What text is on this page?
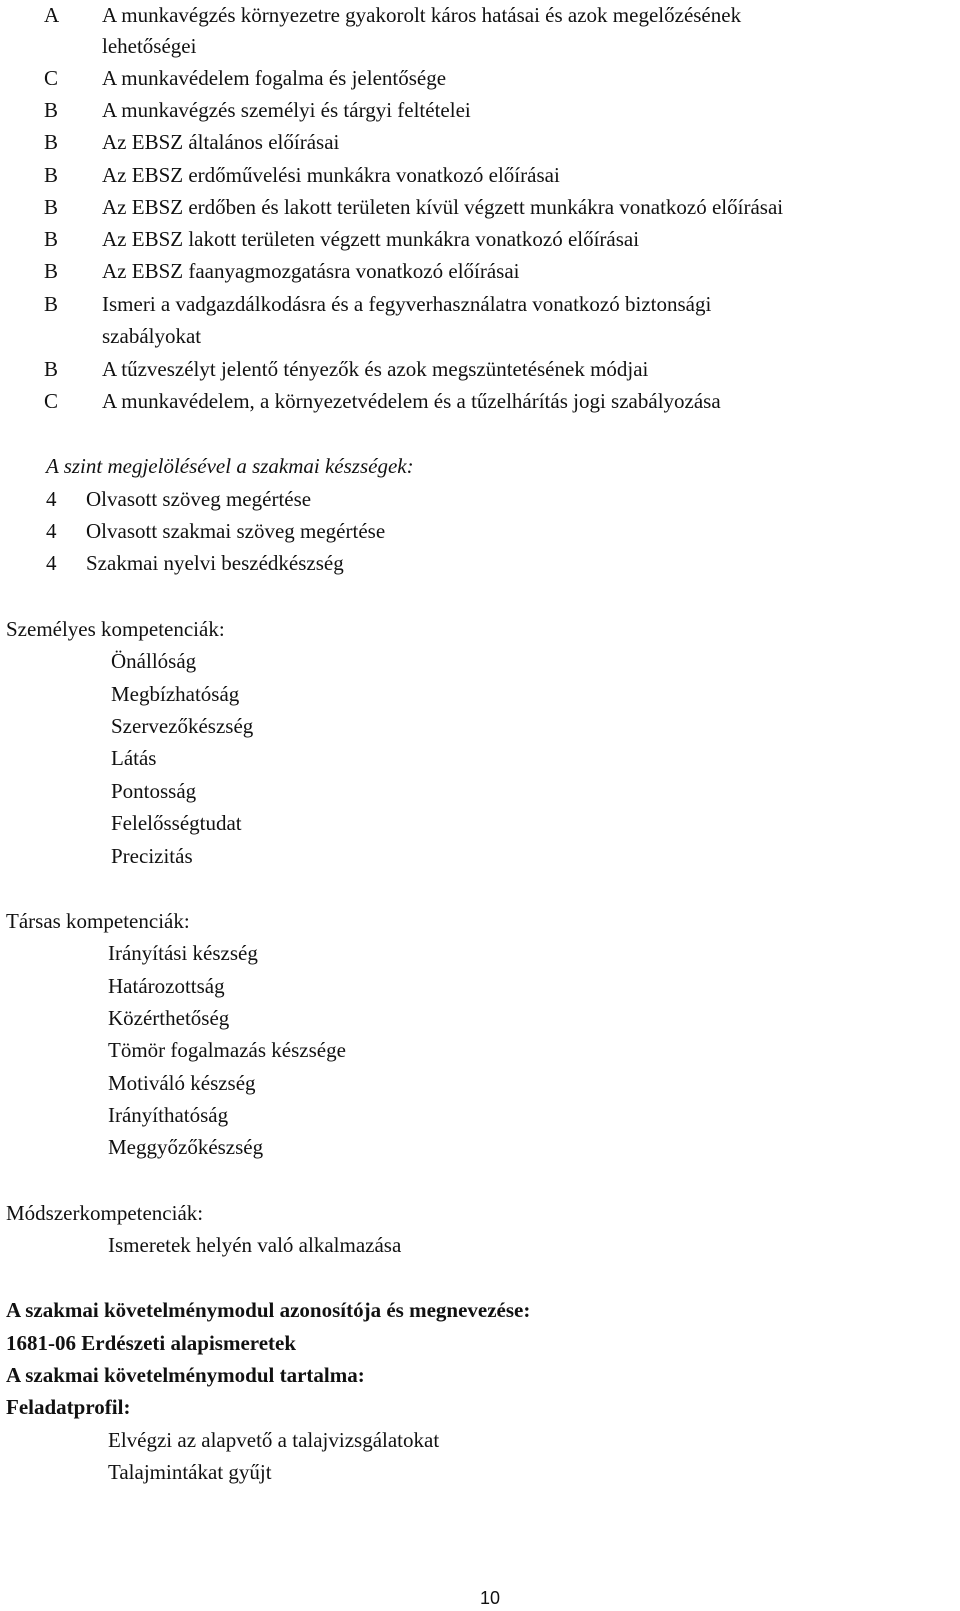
A	A munkavégzés környezetre gyakorolt káros hatásai és azok megelőzésének
lehetőségei
C	A munkavédelem fogalma és jelentősége
B	A munkavégzés személyi és tárgyi feltételei
B	Az EBSZ általános előírásai
B	Az EBSZ erdőművelési munkákra vonatkozó előírásai
B	Az EBSZ erdőben és lakott területen kívül végzett munkákra vonatkozó előírásai
B	Az EBSZ lakott területen végzett munkákra vonatkozó előírásai
B	Az EBSZ faanyagmozgatásra vonatkozó előírásai
B	Ismeri a vadgazdálkodásra és a fegyverhasználatra vonatkozó biztonsági
szabályokat
B	A tűzveszélyt jelentő tényezők és azok megszüntetésének módjai
C	A munkavédelem, a környezetvédelem és a tűzelhárítás jogi szabályozása
A szint megjelölésével a szakmai készségek:
4 Olvasott szöveg megértése
4 Olvasott szakmai szöveg megértése
4 Szakmai nyelvi beszédkészség
Személyes kompetenciák:
Önállóság
Megbízhatóság
Szervezőkészség
Látás
Pontosság
Felelősségtudat
Precizitás
Társas kompetenciák:
Irányítási készség
Határozottság
Közérthetőség
Tömör fogalmazás készsége
Motiváló készség
Irányíthatóság
Meggyőzőkészség
Módszerkompetenciák:
Ismeretek helyén való alkalmazása
A szakmai követelménymodul azonosítója és megnevezése:
1681-06 Erdészeti alapismeretek
A szakmai követelménymodul tartalma:
Feladatprofil:
Elvégzi az alapvető a talajvizsgálatokat
Talajmintákat gyűjt
10
